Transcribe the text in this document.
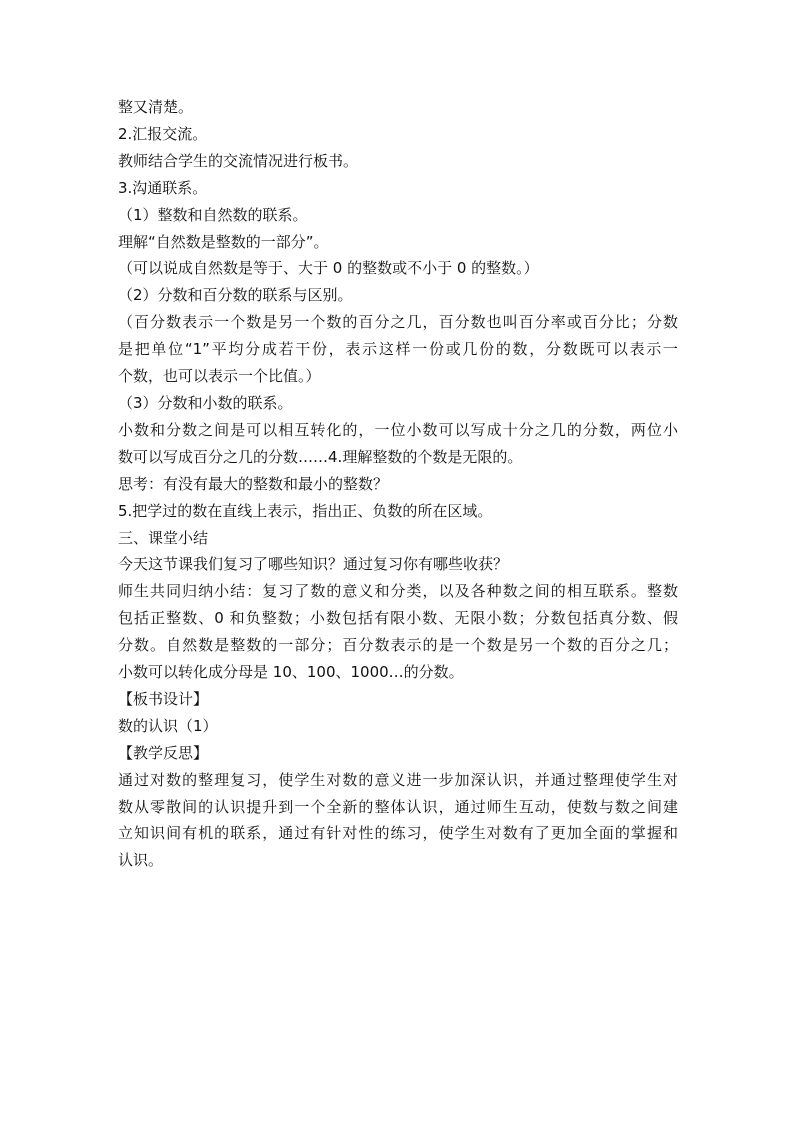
整又清楚。

2.汇报交流。

教师结合学生的交流情况进行板书。

3.沟通联系。

（1）整数和自然数的联系。

理解“自然数是整数的一部分”。

（可以说成自然数是等于、大于 0 的整数或不小于 0 的整数。）

（2）分数和百分数的联系与区别。

（百分数表示一个数是另一个数的百分之几，百分数也叫百分率或百分比；分数

是把单位“1”平均分成若干份，表示这样一份或几份的数，分数既可以表示一

个数，也可以表示一个比值。）

（3）分数和小数的联系。

小数和分数之间是可以相互转化的，一位小数可以写成十分之几的分数，两位小

数可以写成百分之几的分数……4.理解整数的个数是无限的。

思考：有没有最大的整数和最小的整数？

5.把学过的数在直线上表示，指出正、负数的所在区域。

三、课堂小结

今天这节课我们复习了哪些知识？通过复习你有哪些收获？

师生共同归纳小结：复习了数的意义和分类，以及各种数之间的相互联系。整数

包括正整数、0 和负整数；小数包括有限小数、无限小数；分数包括真分数、假

分数。自然数是整数的一部分；百分数表示的是一个数是另一个数的百分之几；

小数可以转化成分母是 10、100、1000…的分数。

【板书设计】

数的认识（1）

【教学反思】

通过对数的整理复习，使学生对数的意义进一步加深认识，并通过整理使学生对

数从零散间的认识提升到一个全新的整体认识，通过师生互动，使数与数之间建

立知识间有机的联系，通过有针对性的练习，使学生对数有了更加全面的掌握和

认识。
